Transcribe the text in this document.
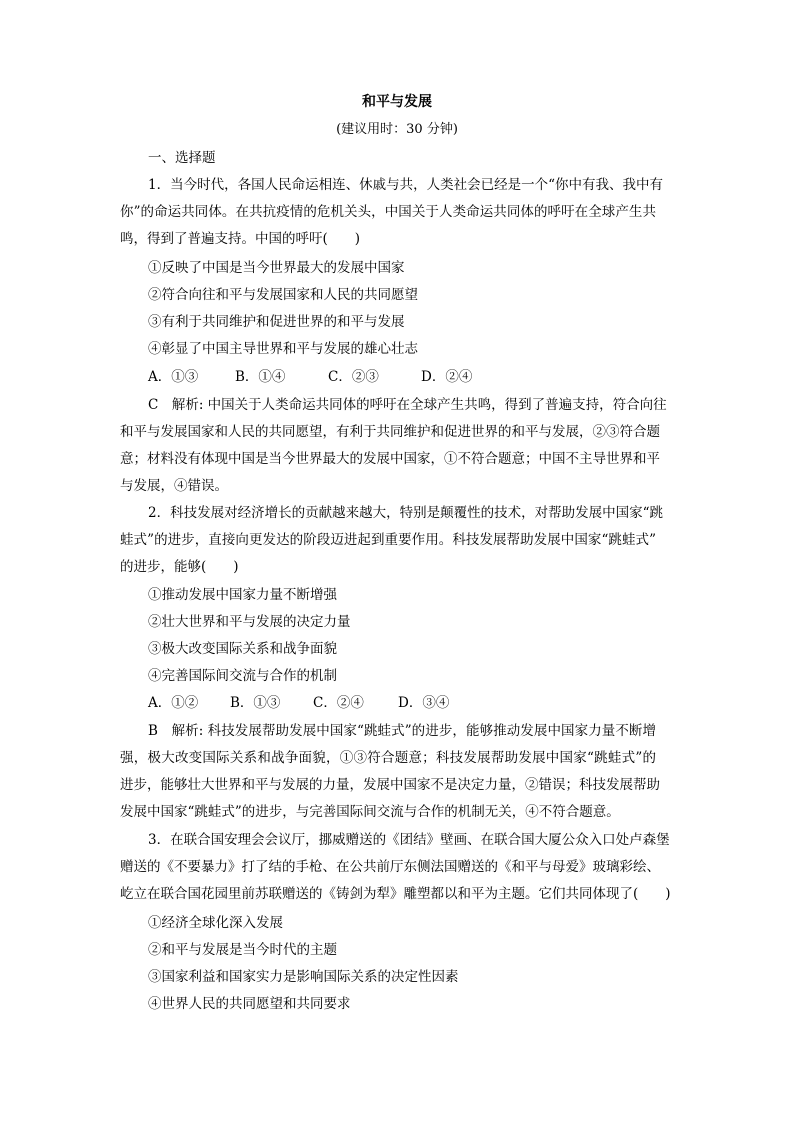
和平与发展
(建议用时：30 分钟)
一、选择题
1．当今时代，各国人民命运相连、休戚与共，人类社会已经是一个“你中有我、我中有
你”的命运共同体。在共抗疫情的危机关头，中国关于人类命运共同体的呼吁在全球产生共
鸣，得到了普遍支持。中国的呼吁(　　)
①反映了中国是当今世界最大的发展中国家
②符合向往和平与发展国家和人民的共同愿望
③有利于共同维护和促进世界的和平与发展
④彰显了中国主导世界和平与发展的雄心壮志
A．①③	B．①④	C．②③	D．②④
C　解析: 中国关于人类命运共同体的呼吁在全球产生共鸣，得到了普遍支持，符合向往
和平与发展国家和人民的共同愿望，有利于共同维护和促进世界的和平与发展，②③符合题
意；材料没有体现中国是当今世界最大的发展中国家，①不符合题意；中国不主导世界和平
与发展，④错误。
2．科技发展对经济增长的贡献越来越大，特别是颠覆性的技术，对帮助发展中国家“跳
蛙式”的进步，直接向更发达的阶段迈进起到重要作用。科技发展帮助发展中国家“跳蛙式”
的进步，能够(　　)
①推动发展中国家力量不断增强
②壮大世界和平与发展的决定力量
③极大改变国际关系和战争面貌
④完善国际间交流与合作的机制
A．①② B．①③ C．②④	D．③④
B　解析: 科技发展帮助发展中国家“跳蛙式”的进步，能够推动发展中国家力量不断增
强，极大改变国际关系和战争面貌，①③符合题意；科技发展帮助发展中国家“跳蛙式”的
进步，能够壮大世界和平与发展的力量，发展中国家不是决定力量，②错误；科技发展帮助
发展中国家“跳蛙式”的进步，与完善国际间交流与合作的机制无关，④不符合题意。
3．在联合国安理会会议厅，挪威赠送的《团结》壁画、在联合国大厦公众入口处卢森堡
赠送的《不要暴力》打了结的手枪、在公共前厅东侧法国赠送的《和平与母爱》玻璃彩绘、
屹立在联合国花园里前苏联赠送的《铸剑为犁》雕塑都以和平为主题。它们共同体现了(　　)
①经济全球化深入发展
②和平与发展是当今时代的主题
③国家利益和国家实力是影响国际关系的决定性因素
④世界人民的共同愿望和共同要求
